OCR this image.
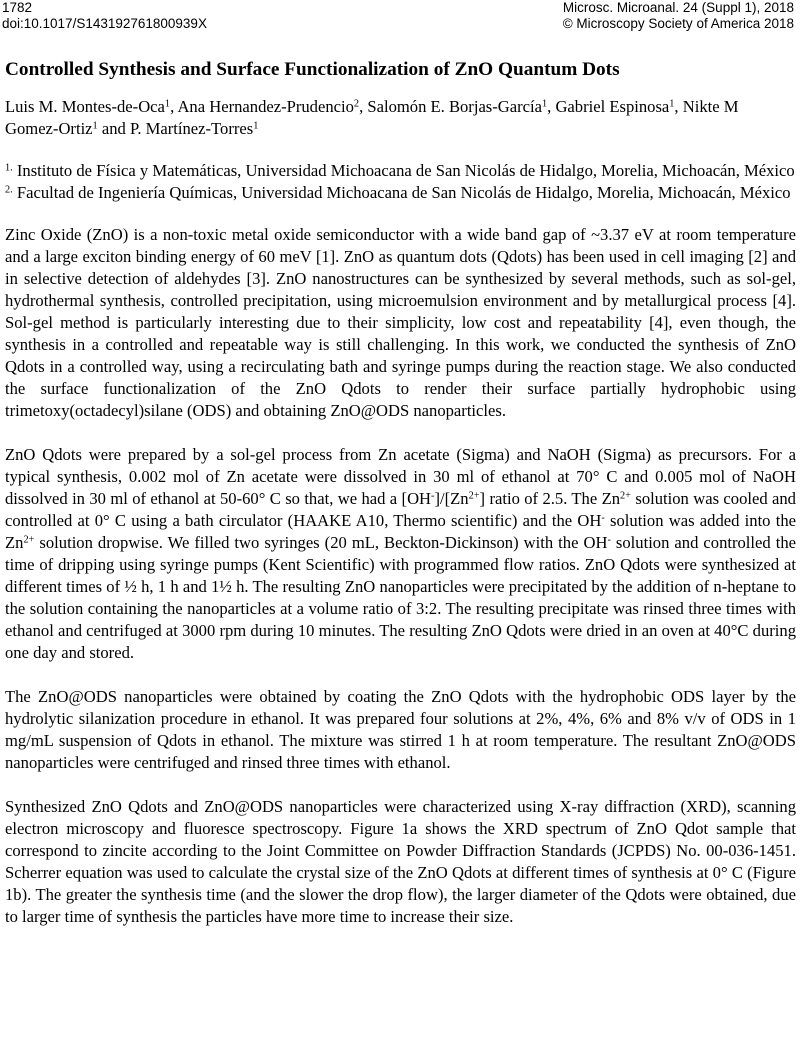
1782
doi:10.1017/S143192761800939X
Microsc. Microanal. 24 (Suppl 1), 2018
© Microscopy Society of America 2018
Controlled Synthesis and Surface Functionalization of ZnO Quantum Dots
Luis M. Montes-de-Oca$^1$, Ana Hernandez-Prudencio$^2$, Salomón E. Borjas-García$^1$, Gabriel Espinosa$^1$, Nikte M Gomez-Ortiz$^1$ and P. Martínez-Torres$^1$

$^{1.}$ Instituto de Física y Matemáticas, Universidad Michoacana de San Nicolás de Hidalgo, Morelia, Michoacán, México

$^{2.}$ Facultad de Ingeniería Químicas, Universidad Michoacana de San Nicolás de Hidalgo, Morelia, Michoacán, México

Zinc Oxide (ZnO) is a non-toxic metal oxide semiconductor with a wide band gap of ~3.37 eV at room temperature and a large exciton binding energy of 60 meV [1]. ZnO as quantum dots (Qdots) has been used in cell imaging [2] and in selective detection of aldehydes [3]. ZnO nanostructures can be synthesized by several methods, such as sol-gel, hydrothermal synthesis, controlled precipitation, using microemulsion environment and by metallurgical process [4]. Sol-gel method is particularly interesting due to their simplicity, low cost and repeatability [4], even though, the synthesis in a controlled and repeatable way is still challenging. In this work, we conducted the synthesis of ZnO Qdots in a controlled way, using a recirculating bath and syringe pumps during the reaction stage. We also conducted the surface functionalization of the ZnO Qdots to render their surface partially hydrophobic using trimetoxy(octadecyl)silane (ODS) and obtaining ZnO@ODS nanoparticles.

ZnO Qdots were prepared by a sol-gel process from Zn acetate (Sigma) and NaOH (Sigma) as precursors. For a typical synthesis, 0.002 mol of Zn acetate were dissolved in 30 ml of ethanol at 70° C and 0.005 mol of NaOH dissolved in 30 ml of ethanol at 50-60° C so that, we had a $[OH^-]/[Zn^{2+}]$ ratio of 2.5. The $Zn^{2+}$ solution was cooled and controlled at 0° C using a bath circulator (HAAKE A10, Thermo scientific) and the OH- solution was added into the $Zn^{2+}$ solution dropwise. We filled two syringes (20 mL, Beckton-Dickinson) with the OH- solution and controlled the time of dripping using syringe pumps (Kent Scientific) with programmed flow ratios. ZnO Qdots were synthesized at different times of ½ h, 1 h and 1½ h. The resulting ZnO nanoparticles were precipitated by the addition of n-heptane to the solution containing the nanoparticles at a volume ratio of 3:2. The resulting precipitate was rinsed three times with ethanol and centrifuged at 3000 rpm during 10 minutes. The resulting ZnO Qdots were dried in an oven at 40°C during one day and stored.

The ZnO@ODS nanoparticles were obtained by coating the ZnO Qdots with the hydrophobic ODS layer by the hydrolytic silanization procedure in ethanol. It was prepared four solutions at 2%, 4%, 6% and 8% v/v of ODS in 1 mg/mL suspension of Qdots in ethanol. The mixture was stirred 1 h at room temperature. The resultant ZnO@ODS nanoparticles were centrifuged and rinsed three times with ethanol.

Synthesized ZnO Qdots and ZnO@ODS nanoparticles were characterized using X-ray diffraction (XRD), scanning electron microscopy and fluoresce spectroscopy. Figure 1a shows the XRD spectrum of ZnO Qdot sample that correspond to zincite according to the Joint Committee on Powder Diffraction Standards (JCPDS) No. 00-036-1451. Scherrer equation was used to calculate the crystal size of the ZnO Qdots at different times of synthesis at 0° C (Figure 1b). The greater the synthesis time (and the slower the drop flow), the larger diameter of the Qdots were obtained, due to larger time of synthesis the particles have more time to increase their size.
